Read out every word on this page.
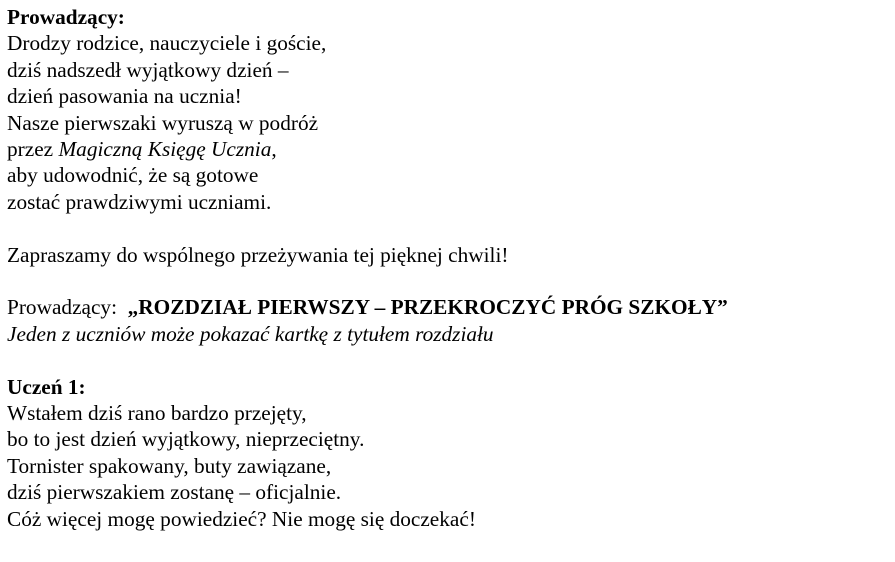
Prowadzący:
Drodzy rodzice, nauczyciele i goście,
dziś nadszedł wyjątkowy dzień –
dzień pasowania na ucznia!
Nasze pierwszaki wyruszą w podróż
przez Magiczną Księgę Ucznia,
aby udowodnić, że są gotowe
zostać prawdziwymi uczniami.
Zapraszamy do wspólnego przeżywania tej pięknej chwili!
Prowadzący:  „ROZDZIAŁ PIERWSZY – PRZEKROCZYĆ PRÓG SZKOŁY”
Jeden z uczniów może pokazać kartkę z tytułem rozdziału
Uczeń 1:
Wstałem dziś rano bardzo przejęty,
bo to jest dzień wyjątkowy, nieprzeciętny.
Tornister spakowany, buty zawiązane,
dziś pierwszakiem zostanę – oficjalnie.
Cóż więcej mogę powiedzieć? Nie mogę się doczekać!
